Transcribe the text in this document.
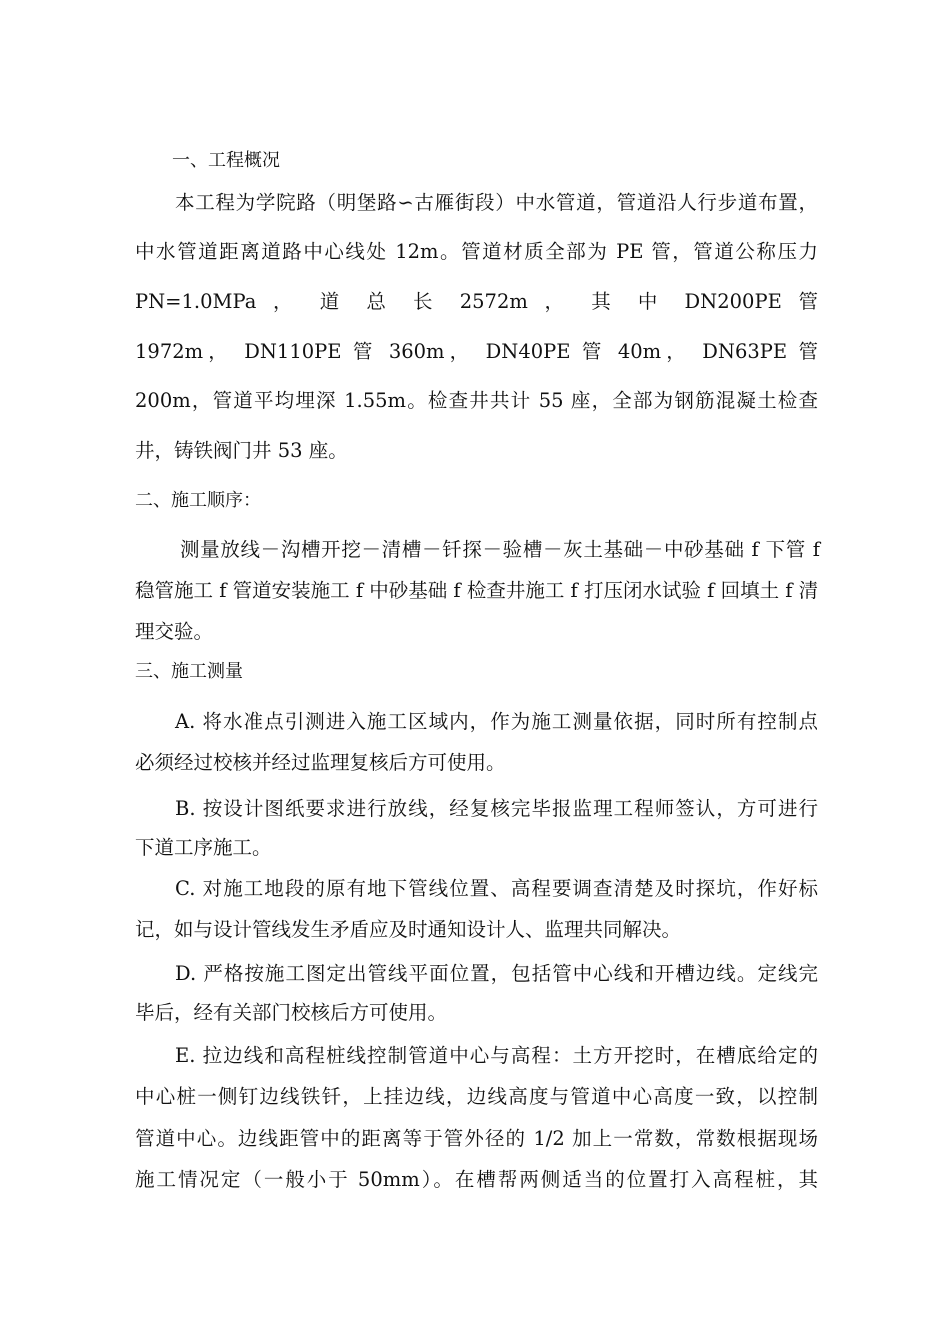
一、工程概况
本工程为学院路（明堡路∽古雁街段）中水管道，管道沿人行步道布置，
中水管道距离道路中心线处 12m。管道材质全部为 PE 管，管道公称压力
PN=1.0MPa ， 道 总 长 2572m ， 其 中 DN200PE 管
1972m， DN110PE 管 360m， DN40PE 管 40m， DN63PE 管
200m，管道平均埋深 1.55m。检查井共计 55 座，全部为钢筋混凝土检查
井，铸铁阀门井 53 座。
二、施工顺序：
测量放线－沟槽开挖－清槽－钎探－验槽－灰土基础－中砂基础 f 下管 f
稳管施工 f 管道安装施工 f 中砂基础 f 检查井施工 f 打压闭水试验 f 回填土 f 清
理交验。
三、施工测量
A. 将水准点引测进入施工区域内，作为施工测量依据，同时所有控制点
必须经过校核并经过监理复核后方可使用。
B. 按设计图纸要求进行放线，经复核完毕报监理工程师签认，方可进行
下道工序施工。
C. 对施工地段的原有地下管线位置、高程要调查清楚及时探坑，作好标
记，如与设计管线发生矛盾应及时通知设计人、监理共同解决。
D. 严格按施工图定出管线平面位置，包括管中心线和开槽边线。定线完
毕后，经有关部门校核后方可使用。
E. 拉边线和高程桩线控制管道中心与高程：土方开挖时，在槽底给定的
中心桩一侧钉边线铁钎，上挂边线，边线高度与管道中心高度一致，以控制
管道中心。边线距管中的距离等于管外径的 1/2 加上一常数，常数根据现场
施工情况定（一般小于 50mm）。在槽帮两侧适当的位置打入高程桩，其
